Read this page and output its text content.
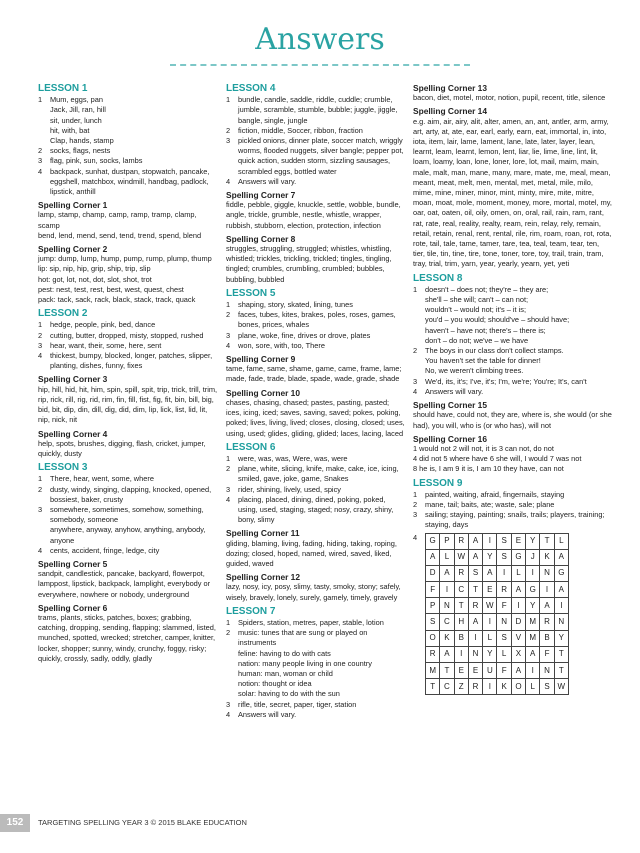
Answers
LESSON 1
1	Mum, eggs, pan
Jack, Jill, ran, hill
sit, under, lunch
hit, with, bat
Clap, hands, stamp
2	socks, flags, nests
3	flag, pink, sun, socks, lambs
4	backpack, sunhat, dustpan, stopwatch, pancake, eggshell, matchbox, windmill, handbag, padlock, lipstick, anthill
Spelling Corner 1
lamp, stamp, champ, camp, ramp, tramp, clamp, scamp
bend, lend, mend, send, tend, trend, spend, blend
Spelling Corner 2
jump: dump, lump, hump, pump, rump, plump, thump
lip: sip, nip, hip, grip, ship, trip, slip
hot: got, lot, not, dot, slot, shot, trot
pest: nest, test, rest, best, west, quest, chest
pack: tack, sack, rack, black, stack, track, quack
LESSON 2
1	hedge, people, pink, bed, dance
2	cutting, butter, dropped, misty, stopped, rushed
3	hear, want, their, some, here, sent
4	thickest, bumpy, blocked, longer, patches, slipper, planting, dishes, funny, fixes
Spelling Corner 3
hip, hill, hid, hit, him, spin, spill, spit, trip, trick, trill, trim, rip, rick, rill, rig, rid, rim, fin, fill, fist, fig, fit, bin, bill, big, bid, bit, dip, din, dill, dig, did, dim, lip, lick, list, lid, lit, nip, nick, nit
Spelling Corner 4
help, spots, brushes, digging, flash, cricket, jumper, quickly, dusty
LESSON 3
1	There, hear, went, some, where
2	dusty, windy, singing, clapping, knocked, opened, bossiest, baker, crusty
3	somewhere, sometimes, somehow, something, somebody, someone
anywhere, anyway, anyhow, anything, anybody, anyone
4	cents, accident, fringe, ledge, city
Spelling Corner 5
sandpit, candlestick, pancake, backyard, flowerpot, lamppost, lipstick, backpack, lamplight, everybody or everywhere, nowhere or nobody, underground
Spelling Corner 6
trams, plants, sticks, patches, boxes; grabbing, catching, dropping, sending, flapping; slammed, listed, munched, spotted, wrecked; stretcher, camper, knitter, locker, shopper; sunny, windy, crunchy, foggy, risky; quickly, crossly, sadly, oddly, gladly
LESSON 4
1	bundle, candle, saddle, riddle, cuddle; crumble, jumble, scramble, stumble, bubble; juggle, jiggle, bangle, single, jungle
2	fiction, middle, Soccer, ribbon, fraction
3	pickled onions, dinner plate, soccer match, wriggly worms, flooded nuggets, silver bangle; pepper pot, quick action, sudden storm, sizzling sausages, scrambled eggs, bottled water
4	Answers will vary.
Spelling Corner 7
fiddle, pebble, giggle, knuckle, settle, wobble, bundle, angle, trickle, grumble, nestle, whistle, wrapper, rubbish, stubborn, election, protection, infection
Spelling Corner 8
struggles, struggling, struggled; whistles, whistling, whistled; trickles, trickling, trickled; tingles, tingling, tingled; crumbles, crumbling, crumbled; bubbles, bubbling, bubbled
LESSON 5
1	shaping, story, skated, lining, tunes
2	faces, tubes, kites, brakes, poles, roses, games, bones, prices, whales
3	plane, woke, fine, drives or drove, plates
4	won, sore, with, too, There
Spelling Corner 9
tame, fame, same, shame, game, came, frame, lame; made, fade, trade, blade, spade, wade, grade, shade
Spelling Corner 10
chases, chasing, chased; pastes, pasting, pasted; ices, icing, iced; saves, saving, saved; pokes, poking, poked; lives, living, lived; closes, closing, closed; uses, using, used; glides, gliding, glided; laces, lacing, laced
LESSON 6
1	were, was, was, Were, was, were
2	plane, white, slicing, knife, make, cake, ice, icing, smiled, gave, joke, game, Snakes
3	rider, shining, lively, used, spicy
4	placing, placed, dining, dined, poking, poked, using, used, staging, staged; nosy, crazy, shiny, bony, slimy
Spelling Corner 11
gliding, blaming, living, fading, hiding, taking, roping, dozing; closed, hoped, named, wired, saved, liked, guided, waved
Spelling Corner 12
lazy, nosy, icy, posy, slimy, tasty, smoky, stony; safely, wisely, bravely, lonely, surely, gamely, timely, gravely
LESSON 7
1	Spiders, station, metres, paper, stable, lotion
2	music: tunes that are sung or played on instruments
feline: having to do with cats
nation: many people living in one country
human: man, woman or child
notion: thought or idea
solar: having to do with the sun
3	rifle, title, secret, paper, tiger, station
4	Answers will vary.
Spelling Corner 13
bacon, diet, motel, motor, notion, pupil, recent, title, silence
Spelling Corner 14
e.g. aim, air, airy, alit, alter, amen, an, ant, antler, arm, army, art, arty, at, ate, ear, earl, early, earn, eat, immortal, in, into, iota, item, lair, lame, lament, lane, late, later, layer, lean, learnt, leam, learnt, lemon, lent, liar, lie, lime, line, lint, lit, loam, loamy, loan, lone, loner, lore, lot, mail, maim, main, male, malt, man, mane, many, mare, mate, me, meal, mean, meant, meat, melt, men, mental, met, metal, mile, milo, mime, mine, miner, minor, mint, minty, mire, mite, mitre, moan, moat, mole, moment, money, more, mortal, motel, my, oar, oat, oaten, oil, oily, omen, on, oral, rail, rain, ram, rant, rat, rate, real, reality, realty, ream, rein, relay, rely, remain, retail, retain, renal, rent, rental, rile, rim, roam, roan, rot, rota, rote, tail, tale, tame, tamer, tare, tea, teal, team, tear, ten, tier, tile, tin, tine, tire, tone, toner, tore, toy, trail, train, tram, tray, trial, trim, yarn, year, yearly, yearn, yet, yeti
LESSON 8
1	doesn't – does not; they're – they are;
she'll – she will; can't – can not;
wouldn't – would not; it's – it is;
you'd – you would; should've – should have;
haven't – have not; there's – there is;
don't – do not; we've – we have
2	The boys in our class don't collect stamps.
You haven't set the table for dinner!
No, we weren't climbing trees.
3	We'd, its, it's; I've, it's; I'm, we're; You're; It's, can't
4	Answers will vary.
Spelling Corner 15
should have, could not, they are, where is, she would (or she had), you will, who is (or who has), will not
Spelling Corner 16
1 would not 2 will not, it is 3 can not, do not
4 did not 5 where have 6 she will, I would 7 was not
8 he is, I am 9 it is, I am 10 they have, can not
LESSON 9
1	painted, waiting, afraid, fingernails, staying
2	mane, tail; baits, ate; waste, sale; plane
3	sailing; staying, painting; snails, trails; players, training; staying, days
4	G	P	R	A	I	S	E	Y	T	L
A	L	W	A	Y	S	G	J	K	A
D	A	R	S	A	I	L	I	N	G
F	I	C	T	E	R	A	G	I	A
P	N	T	R	W	F	I	Y	A	I
S	C	H	A	I	N	D	M	R	N
O	K	B	I	L	S	V	M	B	Y
R	A	I	N	Y	L	X	A	F	T
M	T	E	E	U	F	A	I	N	T
T	C	Z	R	I	K	O	L	S	W
152	TARGETING SPELLING YEAR 3 © 2015 BLAKE EDUCATION
